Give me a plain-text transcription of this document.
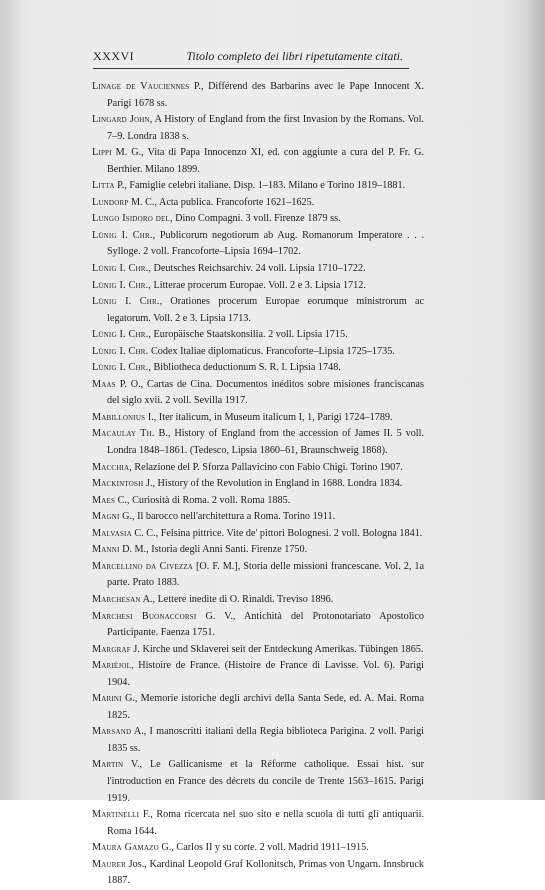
XXXVI	Titolo completo dei libri ripetutamente citati.
Linage de Vauciennes P., Différend des Barbarins avec le Pape Innocent X. Parigi 1678 ss.
Lingard John, A History of England from the first Invasion by the Romans. Vol. 7–9. Londra 1838 s.
Lippi M. G., Vita di Papa Innocenzo XI, ed. con aggiunte a cura del P. Fr. G. Berthier. Milano 1899.
Litta P., Famiglie celebri italiane. Disp. 1–183. Milano e Torino 1819–1881.
Lundorp M. C., Acta publica. Francoforte 1621–1625.
Lungo Isidoro del, Dino Compagni. 3 voll. Firenze 1879 ss.
Lünig I. Chr., Publicorum negotiorum ab Aug. Romanorum Imperatore . . . Sylloge. 2 voll. Francoforte–Lipsia 1694–1702.
Lünig I. Chr., Deutsches Reichsarchiv. 24 voll. Lipsia 1710–1722.
Lünig I. Chr., Litterae procerum Europae. Voll. 2 e 3. Lipsia 1712.
Lünig I. Chr., Orationes procerum Europae eorumque ministrorum ac legatorum. Voll. 2 e 3. Lipsia 1713.
Lünig I. Chr., Europäische Staatskonsilia. 2 voll. Lipsia 1715.
Lünig I. Chr. Codex Italiae diplomaticus. Francoforte–Lipsia 1725–1735.
Lünig I. Chr., Bibliotheca deductionum S. R. I. Lipsia 1748.
Maas P. O., Cartas de Cina. Documentos inéditos sobre misiones franciscanas del siglo xvii. 2 voll. Sevilla 1917.
Mabillonius I., Iter italicum, in Museum italicum I, 1, Parigi 1724–1789.
Macaulay Th. B., History of England from the accession of James II. 5 voll. Londra 1848–1861. (Tedesco, Lipsia 1860–61, Braunschweig 1868).
Macchia, Relazione del P. Sforza Pallavicino con Fabio Chigi. Torino 1907.
Mackintosh J., History of the Revolution in England in 1688. Londra 1834.
Maes C., Curiosità di Roma. 2 voll. Roma 1885.
Magni G., Il barocco nell'architettura a Roma. Torino 1911.
Malvasia C. C., Felsina pittrice. Vite de' pittori Bolognesi. 2 voll. Bologna 1841.
Manni D. M., Istoria degli Anni Santi. Firenze 1750.
Marcellino da Civezza [O. F. M.], Storia delle missioni francescane. Vol. 2, 1a parte. Prato 1883.
Marchesan A., Lettere inedite di O. Rinaldi. Treviso 1896.
Marchesi Buonaccorsi G. V., Antichità del Protonotariato Apostolico Participante. Faenza 1751.
Margraf J. Kirche und Sklaverei seit der Entdeckung Amerikas. Tübingen 1865.
Mariéjol, Histoire de France. (Histoire de France di Lavisse. Vol. 6). Parigi 1904.
Marini G., Memorie istoriche degli archivi della Santa Sede, ed. A. Mai. Roma 1825.
Marsand A., I manoscritti italiani della Regia biblioteca Parigina. 2 voll. Parigi 1835 ss.
Martin V., Le Gallicanisme et la Réforme catholique. Essai hist. sur l'introduction en France des décrets du concile de Trente 1563–1615. Parigi 1919.
Martinelli F., Roma ricercata nel suo sito e nella scuola di tutti gli antiquarii. Roma 1644.
Maura Gamazo G., Carlos II y su corte. 2 voll. Madrid 1911–1915.
Maurer Jos., Kardinal Leopold Graf Kollonitsch, Primas von Ungarn. Innsbruck 1887.
